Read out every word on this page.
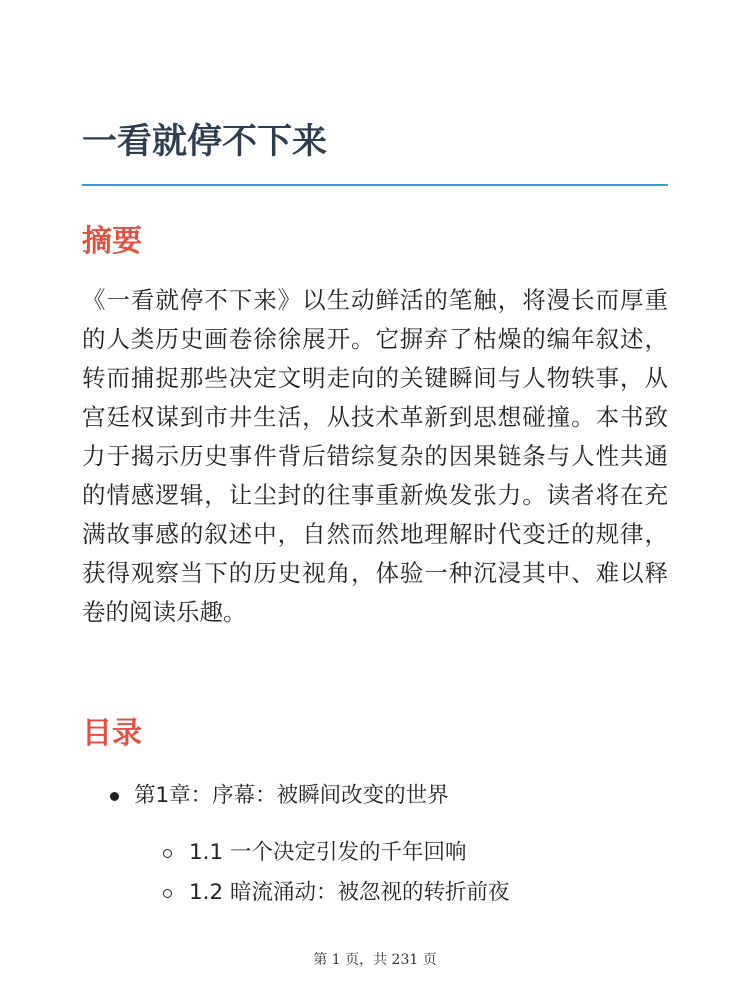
一看就停不下来
摘要

《一看就停不下来》以生动鲜活的笔触，将漫长而厚重的人类历史画卷徐徐展开。它摒弃了枯燥的编年叙述，转而捕捉那些决定文明走向的关键瞬间与人物轶事，从宫廷权谋到市井生活，从技术革新到思想碰撞。本书致力于揭示历史事件背后错综复杂的因果链条与人性共通的情感逻辑，让尘封的往事重新焕发张力。读者将在充满故事感的叙述中，自然而然地理解时代变迁的规律，获得观察当下的历史视角，体验一种沉浸其中、难以释卷的阅读乐趣。

目录
第1章：序幕：被瞬间改变的世界
1.1 一个决定引发的千年回响
1.2 暗流涌动：被忽视的转折前夜
第 1 页，共 231 页
